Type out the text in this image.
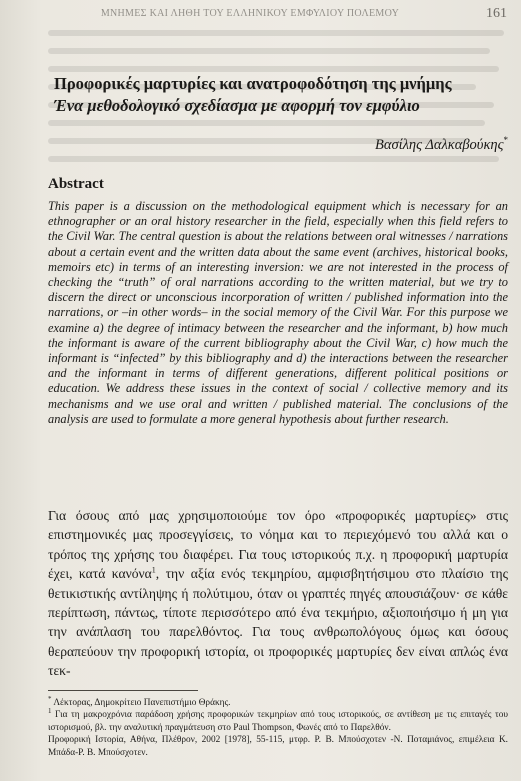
ΜΝΗΜΕΣ ΚΑΙ ΛΗΘΗ ΤΟΥ ΕΛΛΗΝΙΚΟΥ ΕΜΦΥΛΙΟΥ ΠΟΛΕΜΟΥ	161
Προφορικές μαρτυρίες και ανατροφοδότηση της μνήμης
Ένα μεθοδολογικό σχεδίασμα με αφορμή τον εμφύλιο
Βασίλης Δαλκαβούκης*
Abstract
This paper is a discussion on the methodological equipment which is necessary for an ethnographer or an oral history researcher in the field, especially when this field refers to the Civil War. The central question is about the relations between oral witnesses / narrations about a certain event and the written data about the same event (archives, historical books, memoirs etc) in terms of an interesting inversion: we are not interested in the process of checking the “truth” of oral narrations according to the written material, but we try to discern the direct or unconscious incorporation of written / published information into the narrations, or –in other words– in the social memory of the Civil War. For this purpose we examine a) the degree of intimacy between the researcher and the informant, b) how much the informant is aware of the current bibliography about the Civil War, c) how much the informant is “infected” by this bibliography and d) the interactions between the researcher and the informant in terms of different generations, different political positions or education. We address these issues in the context of social / collective memory and its mechanisms and we use oral and written / published material. The conclusions of the analysis are used to formulate a more general hypothesis about further research.
Για όσους από μας χρησιμοποιούμε τον όρο «προφορικές μαρτυρίες» στις επιστημονικές μας προσεγγίσεις, το νόημα και το περιεχόμενό του αλλά και ο τρόπος της χρήσης του διαφέρει. Για τους ιστορικούς π.χ. η προφορική μαρτυρία έχει, κατά κανόνα$^1$, την αξία ενός τεκμηρίου, αμφισβητήσιμου στο πλαίσιο της θετικιστικής αντίληψης ή πολύτιμου, όταν οι γραπτές πηγές απουσιάζουν· σε κάθε περίπτωση, πάντως, τίποτε περισσότερο από ένα τεκμήριο, αξιοποιήσιμο ή μη για την ανάπλαση του παρελθόντος. Για τους ανθρωπολόγους όμως και όσους θεραπεύουν την προφορική ιστορία, οι προφορικές μαρτυρίες δεν είναι απλώς ένα τεκ-
* Λέκτορας, Δημοκρίτειο Πανεπιστήμιο Θράκης.
$^1$ Για τη μακροχρόνια παράδοση χρήσης προφορικών τεκμηρίων από τους ιστορικούς, σε αντίθεση με τις επιταγές του ιστορισμού, βλ. την αναλυτική πραγμάτευση στο Paul Thompson, Φωνές από το Παρελθόν.
Προφορική Ιστορία, Αθήνα, Πλέθρον, 2002 [1978], 55-115, μτφρ. Ρ. Β. Μπούσχοτεν -Ν. Ποταμιάνος, επιμέλεια Κ. Μπάδα-Ρ. Β. Μπούσχοτεν.
